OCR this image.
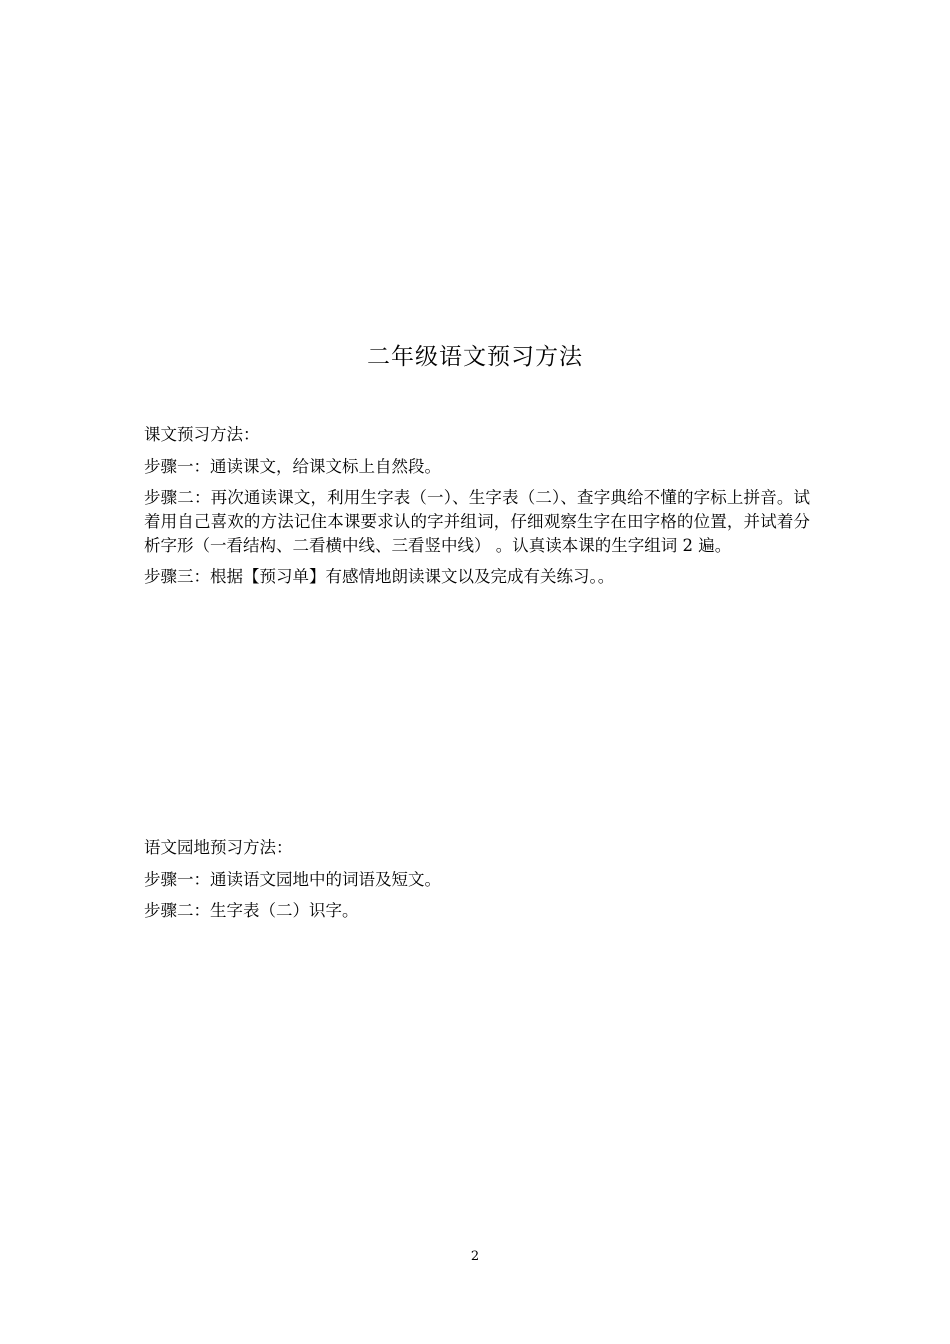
二年级语文预习方法

课文预习方法：

步骤一：通读课文，给课文标上自然段。

步骤二：再次通读课文，利用生字表（一）、生字表（二）、查字典给不懂的字标上拼音。试着用自己喜欢的方法记住本课要求认的字并组词，仔细观察生字在田字格的位置，并试着分析字形（一看结构、二看横中线、三看竖中线） 。认真读本课的生字组词 2 遍。

步骤三：根据【预习单】有感情地朗读课文以及完成有关练习。。

语文园地预习方法：

步骤一：通读语文园地中的词语及短文。

步骤二：生字表（二）识字。

2
